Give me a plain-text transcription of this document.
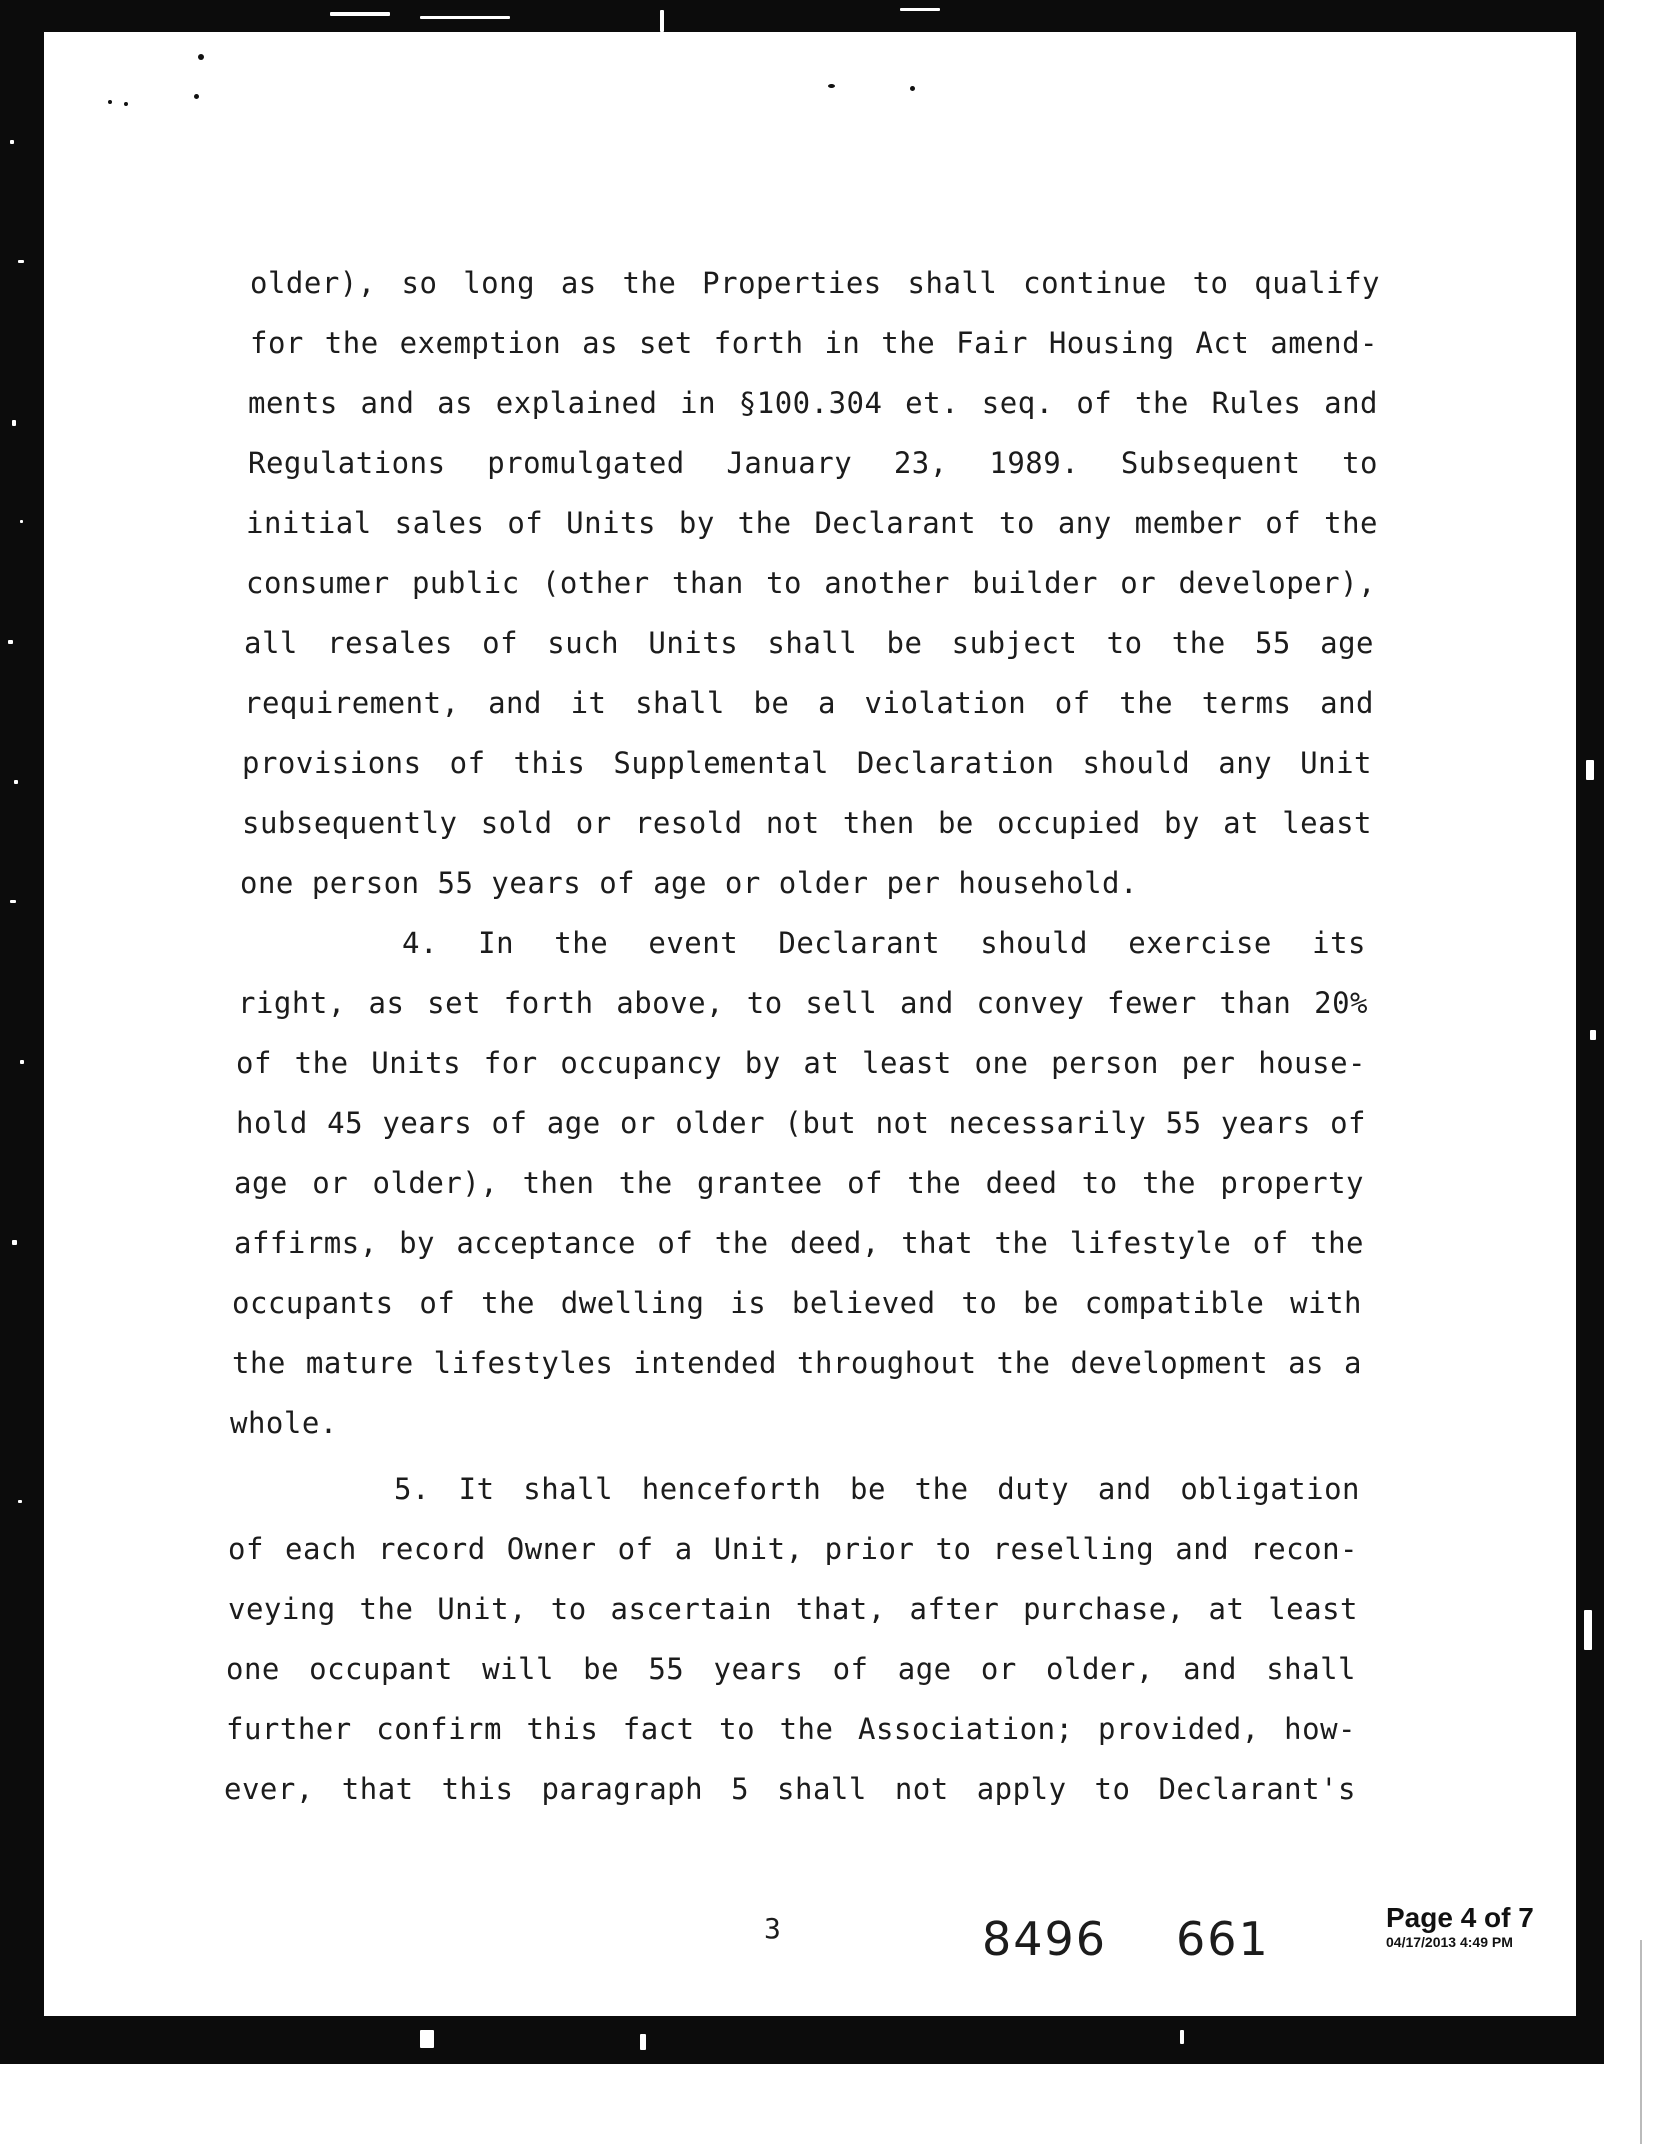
older), so long as the Properties shall continue to qualify
for the exemption as set forth in the Fair Housing Act amend-
ments and as explained in §100.304 et. seq. of the Rules and
Regulations promulgated January 23, 1989. Subsequent to
initial sales of Units by the Declarant to any member of the
consumer public (other than to another builder or developer),
all resales of such Units shall be subject to the 55 age
requirement, and it shall be a violation of the terms and
provisions of this Supplemental Declaration should any Unit
subsequently sold or resold not then be occupied by at least
one person 55 years of age or older per household.
4. In the event Declarant should exercise its
right, as set forth above, to sell and convey fewer than 20%
of the Units for occupancy by at least one person per house-
hold 45 years of age or older (but not necessarily 55 years of
age or older), then the grantee of the deed to the property
affirms, by acceptance of the deed, that the lifestyle of the
occupants of the dwelling is believed to be compatible with
the mature lifestyles intended throughout the development as a
whole.
5. It shall henceforth be the duty and obligation
of each record Owner of a Unit, prior to reselling and recon-
veying the Unit, to ascertain that, after purchase, at least
one occupant will be 55 years of age or older, and shall
further confirm this fact to the Association; provided, how-
ever, that this paragraph 5 shall not apply to Declarant's
3	8496 661	Page 4 of 7
04/17/2013 4:49 PM
